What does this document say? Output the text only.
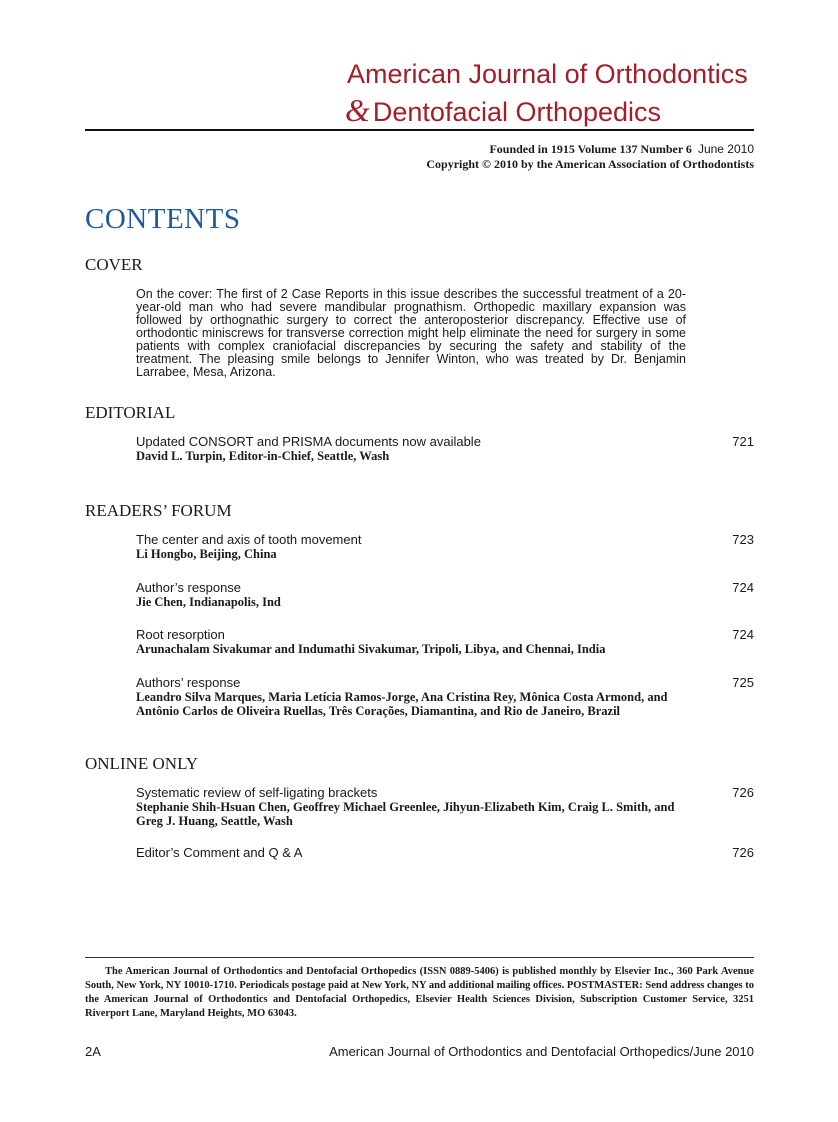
American Journal of Orthodontics
& Dentofacial Orthopedics
Founded in 1915 Volume 137 Number 6 June 2010
Copyright © 2010 by the American Association of Orthodontists
CONTENTS
COVER
On the cover: The first of 2 Case Reports in this issue describes the successful treatment of a 20-year-old man who had severe mandibular prognathism. Orthopedic maxillary expansion was followed by orthognathic surgery to correct the anteroposterior discrepancy. Effective use of orthodontic miniscrews for transverse correction might help eliminate the need for surgery in some patients with complex craniofacial discrepancies by securing the safety and stability of the treatment. The pleasing smile belongs to Jennifer Winton, who was treated by Dr. Benjamin Larrabee, Mesa, Arizona.
EDITORIAL
Updated CONSORT and PRISMA documents now available
David L. Turpin, Editor-in-Chief, Seattle, Wash
721
READERS’ FORUM
The center and axis of tooth movement
Li Hongbo, Beijing, China
723
Author’s response
Jie Chen, Indianapolis, Ind
724
Root resorption
Arunachalam Sivakumar and Indumathi Sivakumar, Tripoli, Libya, and Chennai, India
724
Authors’ response
Leandro Silva Marques, Maria Letícia Ramos-Jorge, Ana Cristina Rey, Mônica Costa Armond, and Antônio Carlos de Oliveira Ruellas, Três Corações, Diamantina, and Rio de Janeiro, Brazil
725
ONLINE ONLY
Systematic review of self-ligating brackets
Stephanie Shih-Hsuan Chen, Geoffrey Michael Greenlee, Jihyun-Elizabeth Kim, Craig L. Smith, and Greg J. Huang, Seattle, Wash
726
Editor’s Comment and Q & A	726
The American Journal of Orthodontics and Dentofacial Orthopedics (ISSN 0889-5406) is published monthly by Elsevier Inc., 360 Park Avenue South, New York, NY 10010-1710. Periodicals postage paid at New York, NY and additional mailing offices. POSTMASTER: Send address changes to the American Journal of Orthodontics and Dentofacial Orthopedics, Elsevier Health Sciences Division, Subscription Customer Service, 3251 Riverport Lane, Maryland Heights, MO 63043.
2A	American Journal of Orthodontics and Dentofacial Orthopedics/June 2010
